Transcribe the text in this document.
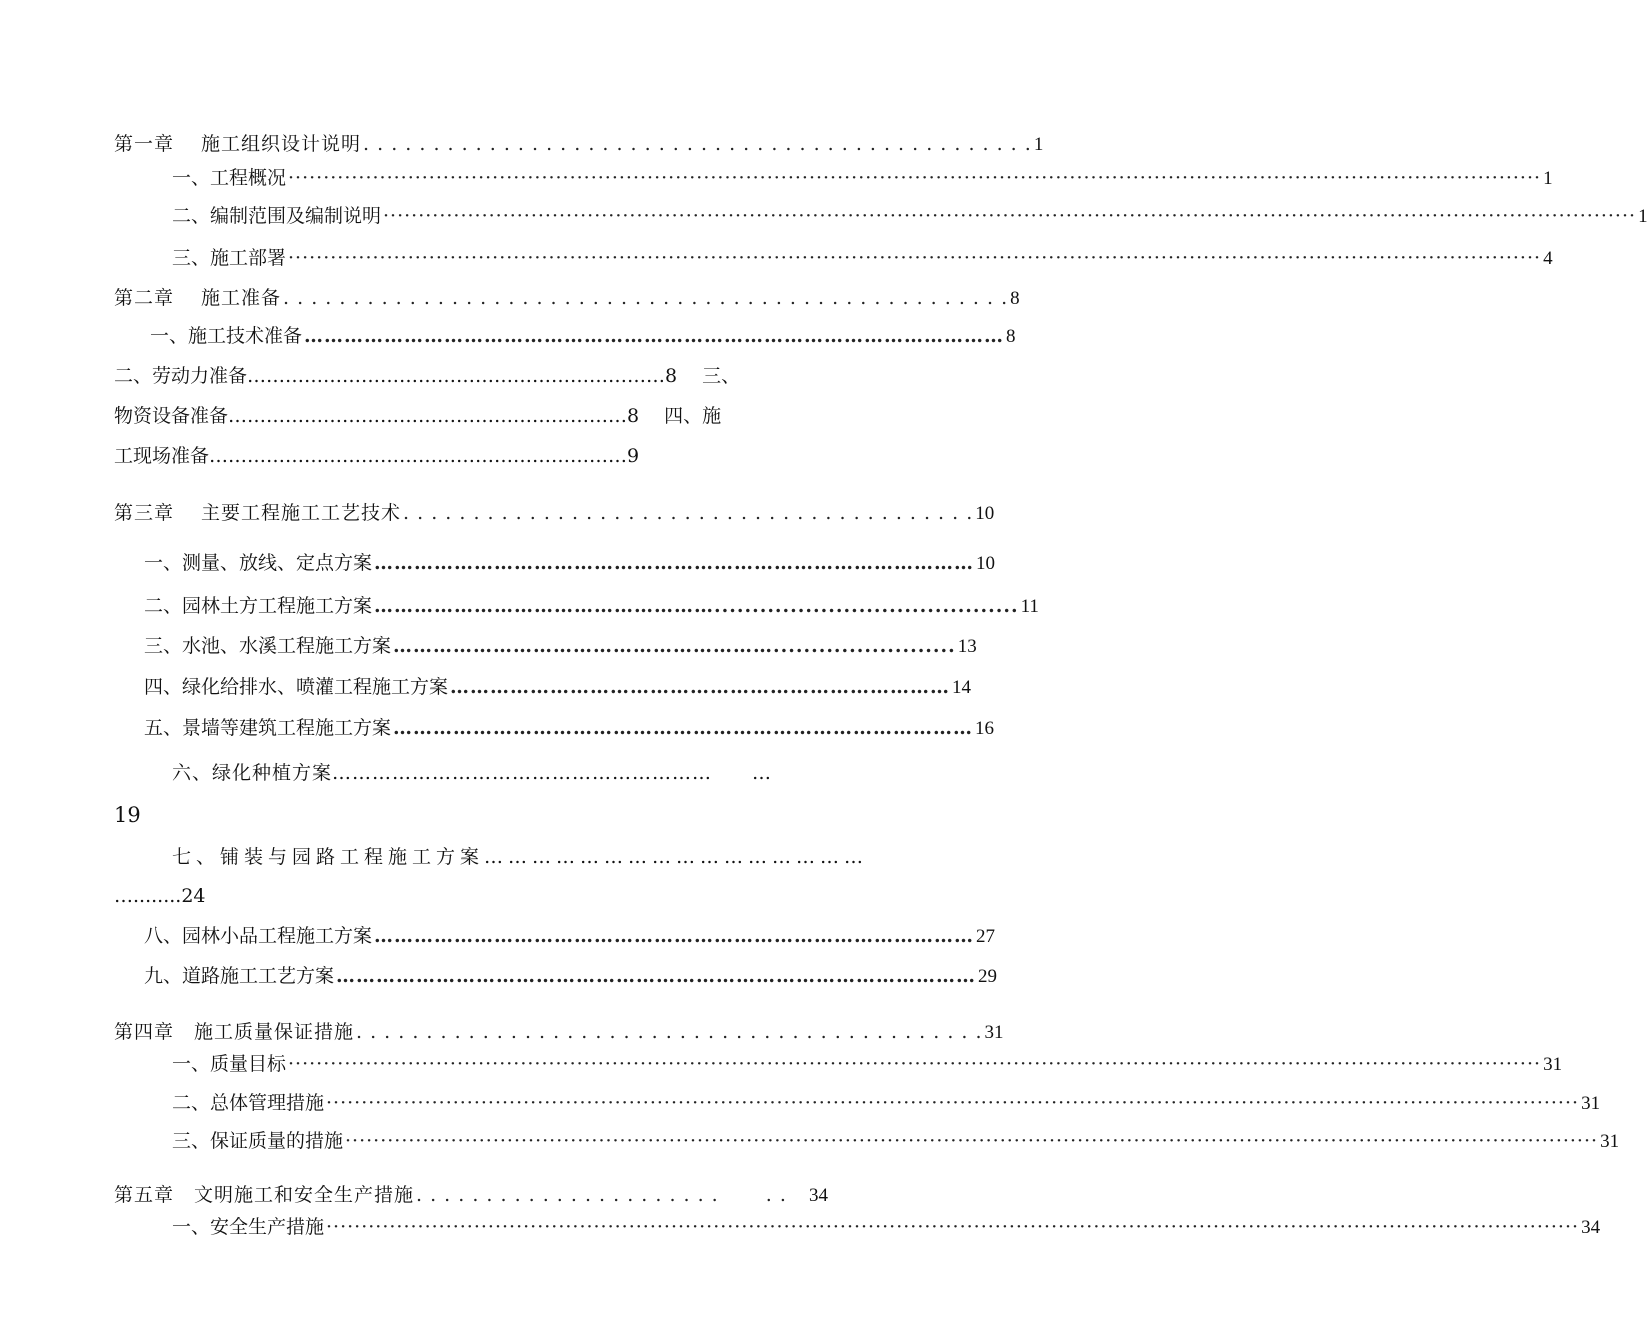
第一章　 施工组织设计说明 . . . . . . . . . . . . . . . . . . . . . . . . . . . . . . . . . . . . . . . . . . . . . . . . 1
一、工程概况 ·················································································································································································· 1
二、编制范围及编制说明 ·················································································································································································· 1
三、施工部署 ·················································································································································································· 4
第二章　 施工准备 . . . . . . . . . . . . . . . . . . . . . . . . . . . . . . . . . . . . . . . . . . . . . . . . . . . . 8
一、施工技术准备 …………………………………………………………………………………………… 8
二、劳动力准备…………………………………………………………8　 三、
物资设备准备………………………………………………………8　 四、施
工现场准备…………………………………………………………9
第三章　 主要工程施工工艺技术 . . . . . . . . . . . . . . . . . . . . . . . . . . . . . . . . . . . . . . . . . 10
一、测量、放线、定点方案 ……………………………………………………………………………… 10
二、园林土方工程施工方案 ……………………………………………........................................ 11
三、水池、水溪工程施工方案 …………………………………………………........................ 13
四、绿化给排水、喷灌工程施工方案 ………………………………………………………………… 14
五、景墙等建筑工程施工方案 …………………………………………………………………………… 16
六、绿化种植方案…………………………………………………　　…
19
七、铺装与园路工程施工方案…………………………………………
…........24
八、园林小品工程施工方案 ……………………………………………………………………………… 27
九、道路施工工艺方案 …………………………………………………………………………………… 29
第四章　施工质量保证措施 . . . . . . . . . . . . . . . . . . . . . . . . . . . . . . . . . . . . . . . . . . . . . 31
一、质量目标 ·················································································································································································· 31
二、总体管理措施 ·················································································································································································· 31
三、保证质量的措施 ·················································································································································································· 31
第五章　文明施工和安全生产措施 . . . . . . . . . . . . . . . . . . . . . .　　 . .	34
一、安全生产措施 ·················································································································································································· 34
